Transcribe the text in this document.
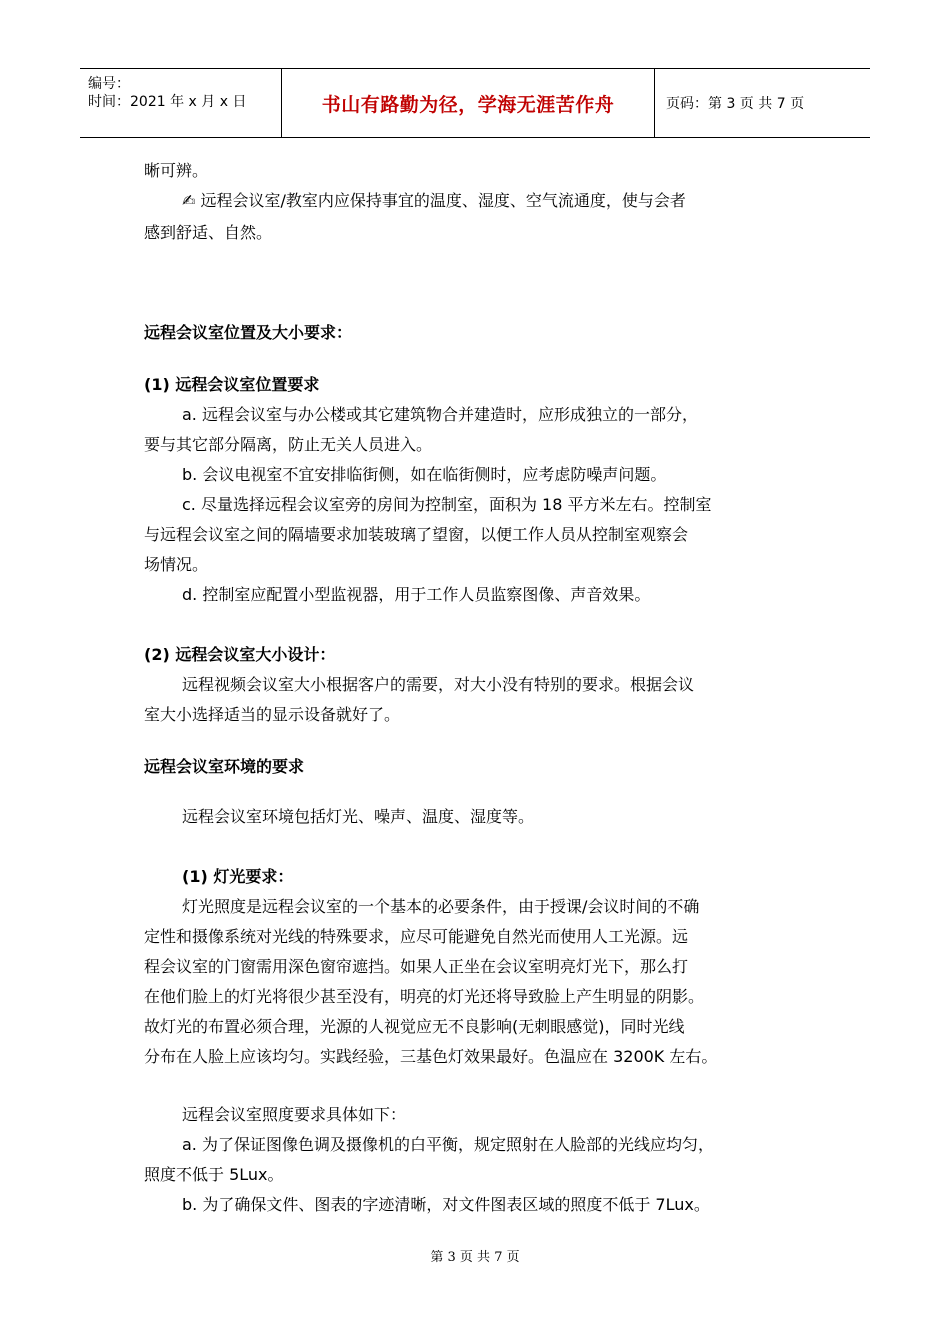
编号：
时间：2021 年 x 月 x 日	书山有路勤为径，学海无涯苦作舟	页码：第 3 页 共 7 页
晰可辨。
✍ 远程会议室/教室内应保持事宜的温度、湿度、空气流通度，使与会者
感到舒适、自然。
远程会议室位置及大小要求：
(1) 远程会议室位置要求
a. 远程会议室与办公楼或其它建筑物合并建造时，应形成独立的一部分，
要与其它部分隔离，防止无关人员进入。
b. 会议电视室不宜安排临街侧，如在临街侧时，应考虑防噪声问题。
c. 尽量选择远程会议室旁的房间为控制室，面积为 18 平方米左右。控制室
与远程会议室之间的隔墙要求加装玻璃了望窗，以便工作人员从控制室观察会
场情况。
d. 控制室应配置小型监视器，用于工作人员监察图像、声音效果。
(2) 远程会议室大小设计：
远程视频会议室大小根据客户的需要，对大小没有特别的要求。根据会议
室大小选择适当的显示设备就好了。
远程会议室环境的要求
远程会议室环境包括灯光、噪声、温度、湿度等。
(1) 灯光要求：
灯光照度是远程会议室的一个基本的必要条件，由于授课/会议时间的不确
定性和摄像系统对光线的特殊要求，应尽可能避免自然光而使用人工光源。远
程会议室的门窗需用深色窗帘遮挡。如果人正坐在会议室明亮灯光下，那么打
在他们脸上的灯光将很少甚至没有，明亮的灯光还将导致脸上产生明显的阴影。
故灯光的布置必须合理，光源的人视觉应无不良影响(无刺眼感觉)，同时光线
分布在人脸上应该均匀。实践经验，三基色灯效果最好。色温应在 3200K 左右。
远程会议室照度要求具体如下：
a. 为了保证图像色调及摄像机的白平衡，规定照射在人脸部的光线应均匀，
照度不低于 5Lux。
b. 为了确保文件、图表的字迹清晰，对文件图表区域的照度不低于 7Lux。
第 3 页 共 7 页
